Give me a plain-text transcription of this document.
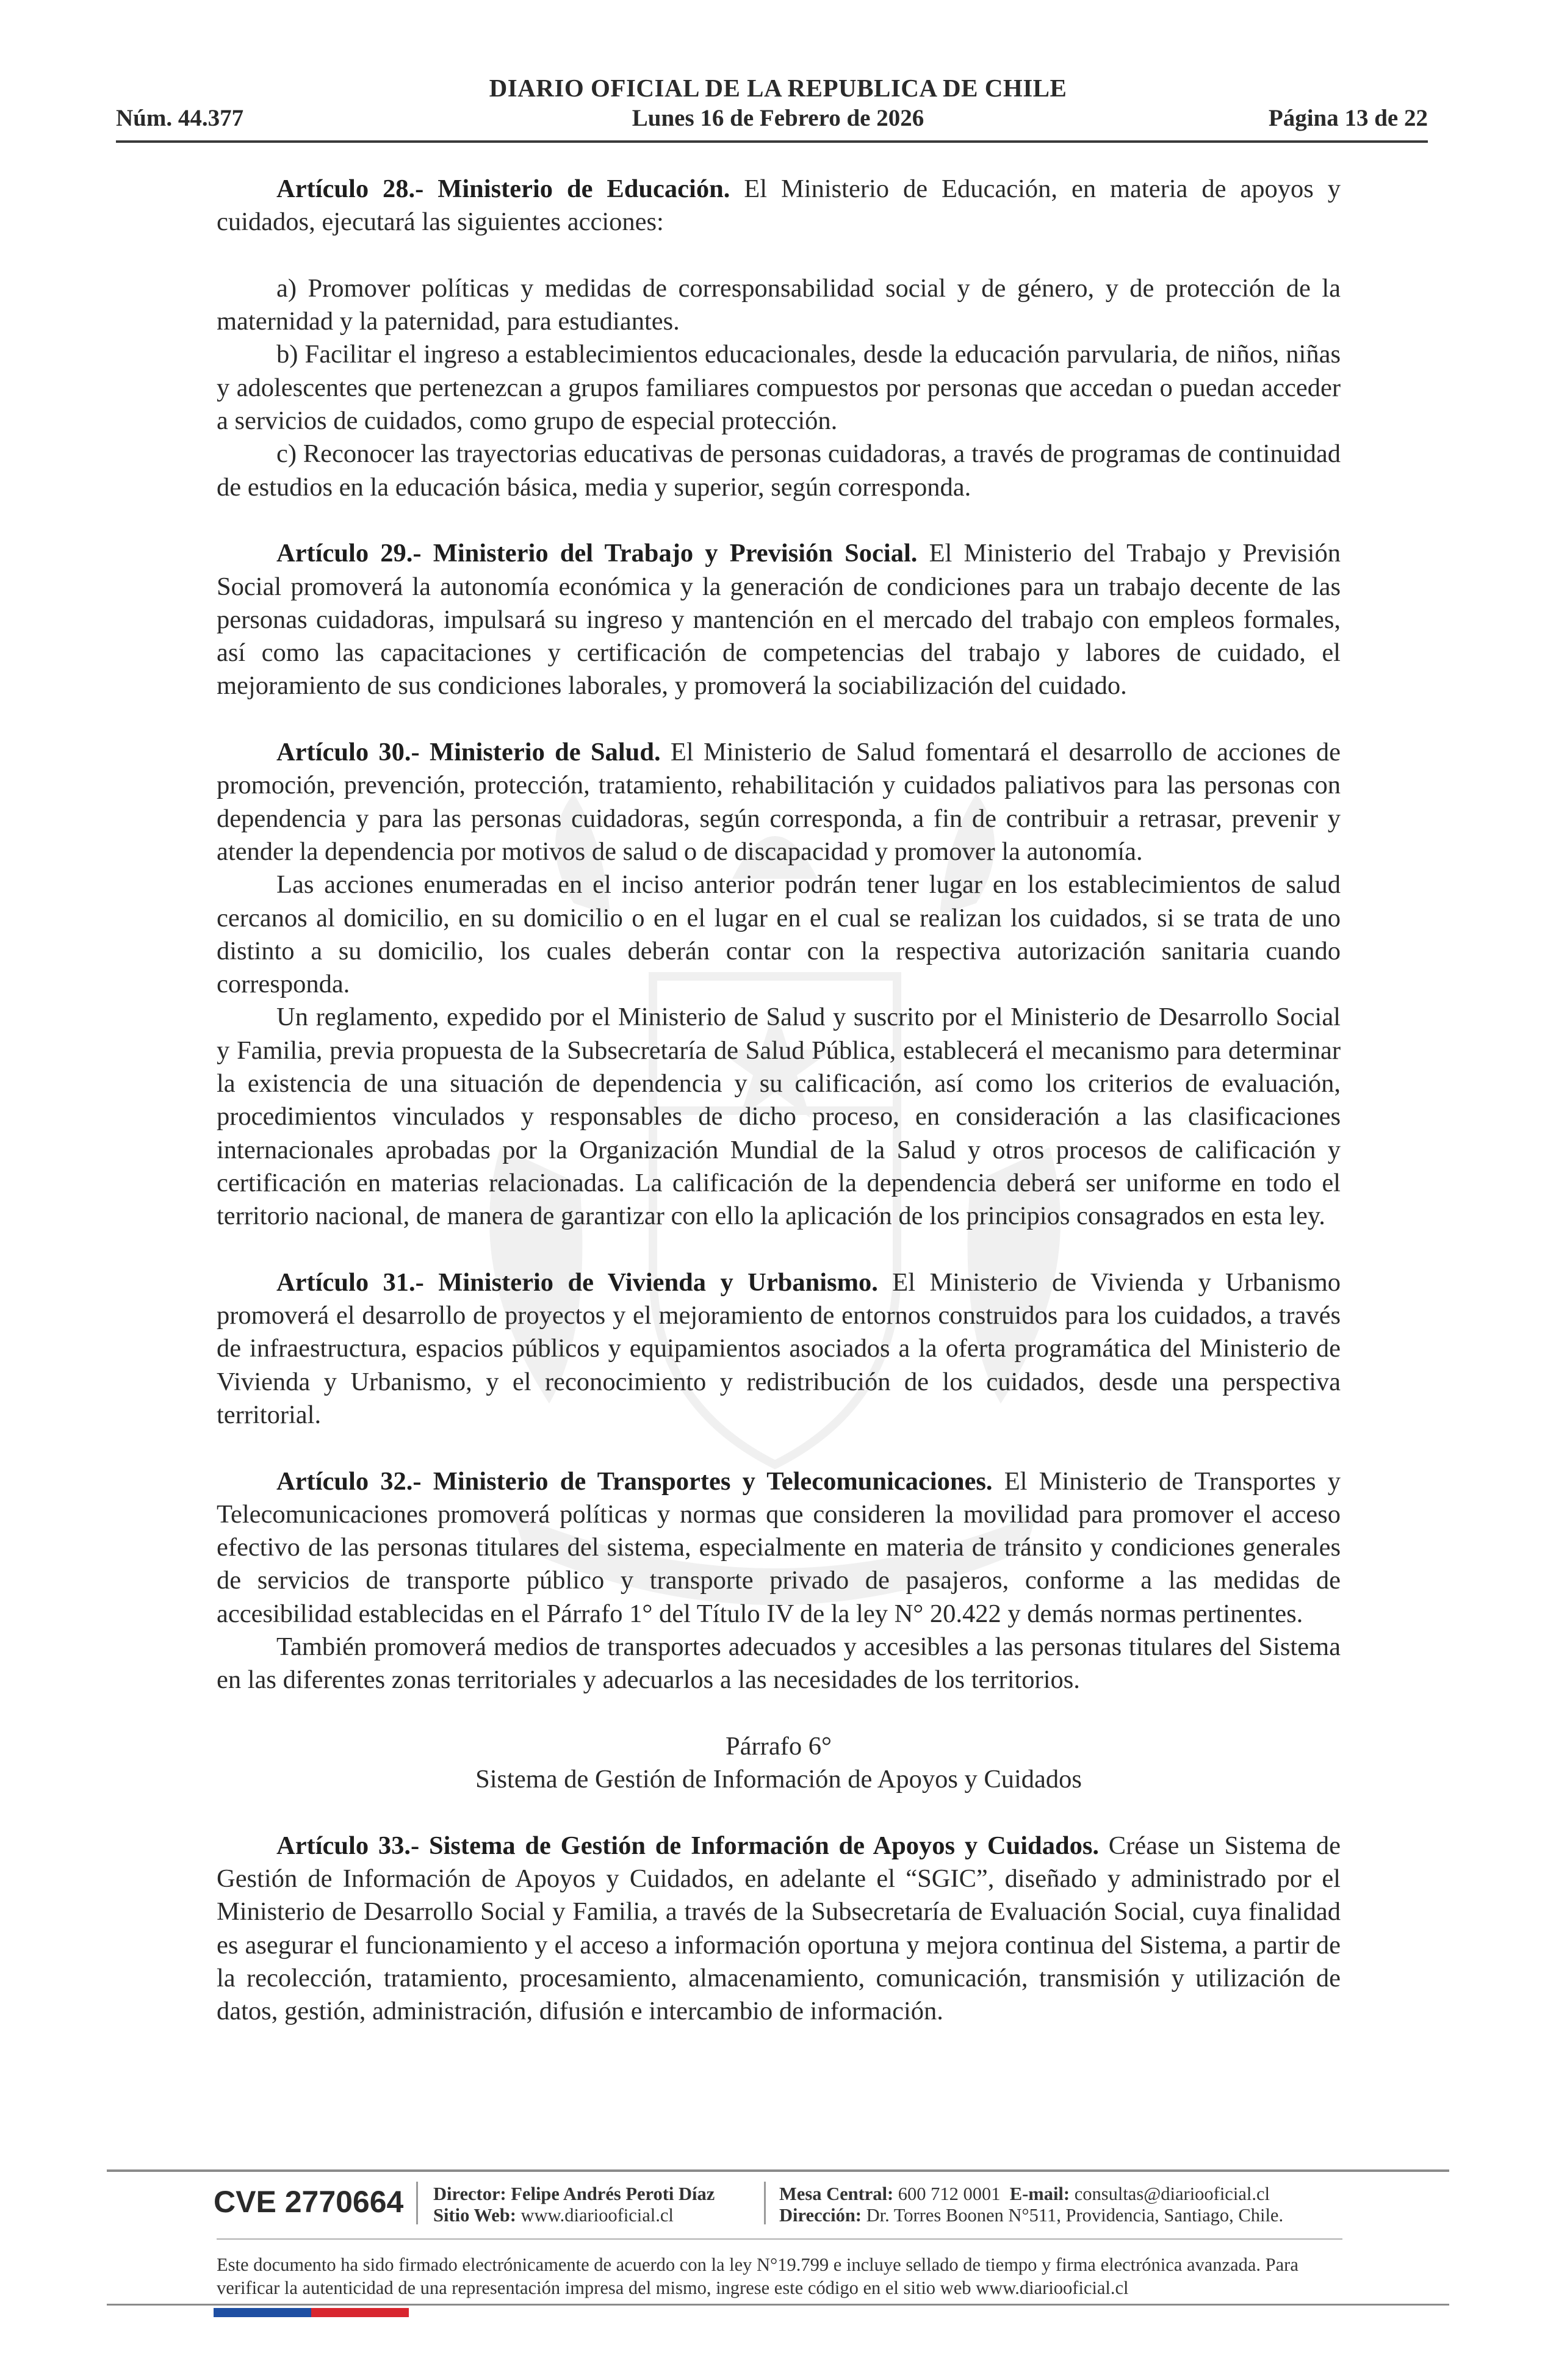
DIARIO OFICIAL DE LA REPUBLICA DE CHILE
Núm. 44.377	Lunes 16 de Febrero de 2026	Página 13 de 22

Artículo 28.- Ministerio de Educación. El Ministerio de Educación, en materia de apoyos y cuidados, ejecutará las siguientes acciones:

a) Promover políticas y medidas de corresponsabilidad social y de género, y de protección de la maternidad y la paternidad, para estudiantes.

b) Facilitar el ingreso a establecimientos educacionales, desde la educación parvularia, de niños, niñas y adolescentes que pertenezcan a grupos familiares compuestos por personas que accedan o puedan acceder a servicios de cuidados, como grupo de especial protección.

c) Reconocer las trayectorias educativas de personas cuidadoras, a través de programas de continuidad de estudios en la educación básica, media y superior, según corresponda.

Artículo 29.- Ministerio del Trabajo y Previsión Social. El Ministerio del Trabajo y Previsión Social promoverá la autonomía económica y la generación de condiciones para un trabajo decente de las personas cuidadoras, impulsará su ingreso y mantención en el mercado del trabajo con empleos formales, así como las capacitaciones y certificación de competencias del trabajo y labores de cuidado, el mejoramiento de sus condiciones laborales, y promoverá la sociabilización del cuidado.

Artículo 30.- Ministerio de Salud. El Ministerio de Salud fomentará el desarrollo de acciones de promoción, prevención, protección, tratamiento, rehabilitación y cuidados paliativos para las personas con dependencia y para las personas cuidadoras, según corresponda, a fin de contribuir a retrasar, prevenir y atender la dependencia por motivos de salud o de discapacidad y promover la autonomía.

Las acciones enumeradas en el inciso anterior podrán tener lugar en los establecimientos de salud cercanos al domicilio, en su domicilio o en el lugar en el cual se realizan los cuidados, si se trata de uno distinto a su domicilio, los cuales deberán contar con la respectiva autorización sanitaria cuando corresponda.

Un reglamento, expedido por el Ministerio de Salud y suscrito por el Ministerio de Desarrollo Social y Familia, previa propuesta de la Subsecretaría de Salud Pública, establecerá el mecanismo para determinar la existencia de una situación de dependencia y su calificación, así como los criterios de evaluación, procedimientos vinculados y responsables de dicho proceso, en consideración a las clasificaciones internacionales aprobadas por la Organización Mundial de la Salud y otros procesos de calificación y certificación en materias relacionadas. La calificación de la dependencia deberá ser uniforme en todo el territorio nacional, de manera de garantizar con ello la aplicación de los principios consagrados en esta ley.

Artículo 31.- Ministerio de Vivienda y Urbanismo. El Ministerio de Vivienda y Urbanismo promoverá el desarrollo de proyectos y el mejoramiento de entornos construidos para los cuidados, a través de infraestructura, espacios públicos y equipamientos asociados a la oferta programática del Ministerio de Vivienda y Urbanismo, y el reconocimiento y redistribución de los cuidados, desde una perspectiva territorial.

Artículo 32.- Ministerio de Transportes y Telecomunicaciones. El Ministerio de Transportes y Telecomunicaciones promoverá políticas y normas que consideren la movilidad para promover el acceso efectivo de las personas titulares del sistema, especialmente en materia de tránsito y condiciones generales de servicios de transporte público y transporte privado de pasajeros, conforme a las medidas de accesibilidad establecidas en el Párrafo 1° del Título IV de la ley N° 20.422 y demás normas pertinentes.

También promoverá medios de transportes adecuados y accesibles a las personas titulares del Sistema en las diferentes zonas territoriales y adecuarlos a las necesidades de los territorios.

Párrafo 6°

Sistema de Gestión de Información de Apoyos y Cuidados

Artículo 33.- Sistema de Gestión de Información de Apoyos y Cuidados. Créase un Sistema de Gestión de Información de Apoyos y Cuidados, en adelante el “SGIC”, diseñado y administrado por el Ministerio de Desarrollo Social y Familia, a través de la Subsecretaría de Evaluación Social, cuya finalidad es asegurar el funcionamiento y el acceso a información oportuna y mejora continua del Sistema, a partir de la recolección, tratamiento, procesamiento, almacenamiento, comunicación, transmisión y utilización de datos, gestión, administración, difusión e intercambio de información.

CVE 2770664 Director: Felipe Andrés Peroti Díaz
Sitio Web: www.diariooficial.cl
Mesa Central: 600 712 0001 E-mail: consultas@diariooficial.cl
Dirección: Dr. Torres Boonen N°511, Providencia, Santiago, Chile.
Este documento ha sido firmado electrónicamente de acuerdo con la ley N°19.799 e incluye sellado de tiempo y firma electrónica avanzada. Para verificar la autenticidad de una representación impresa del mismo, ingrese este código en el sitio web www.diariooficial.cl
